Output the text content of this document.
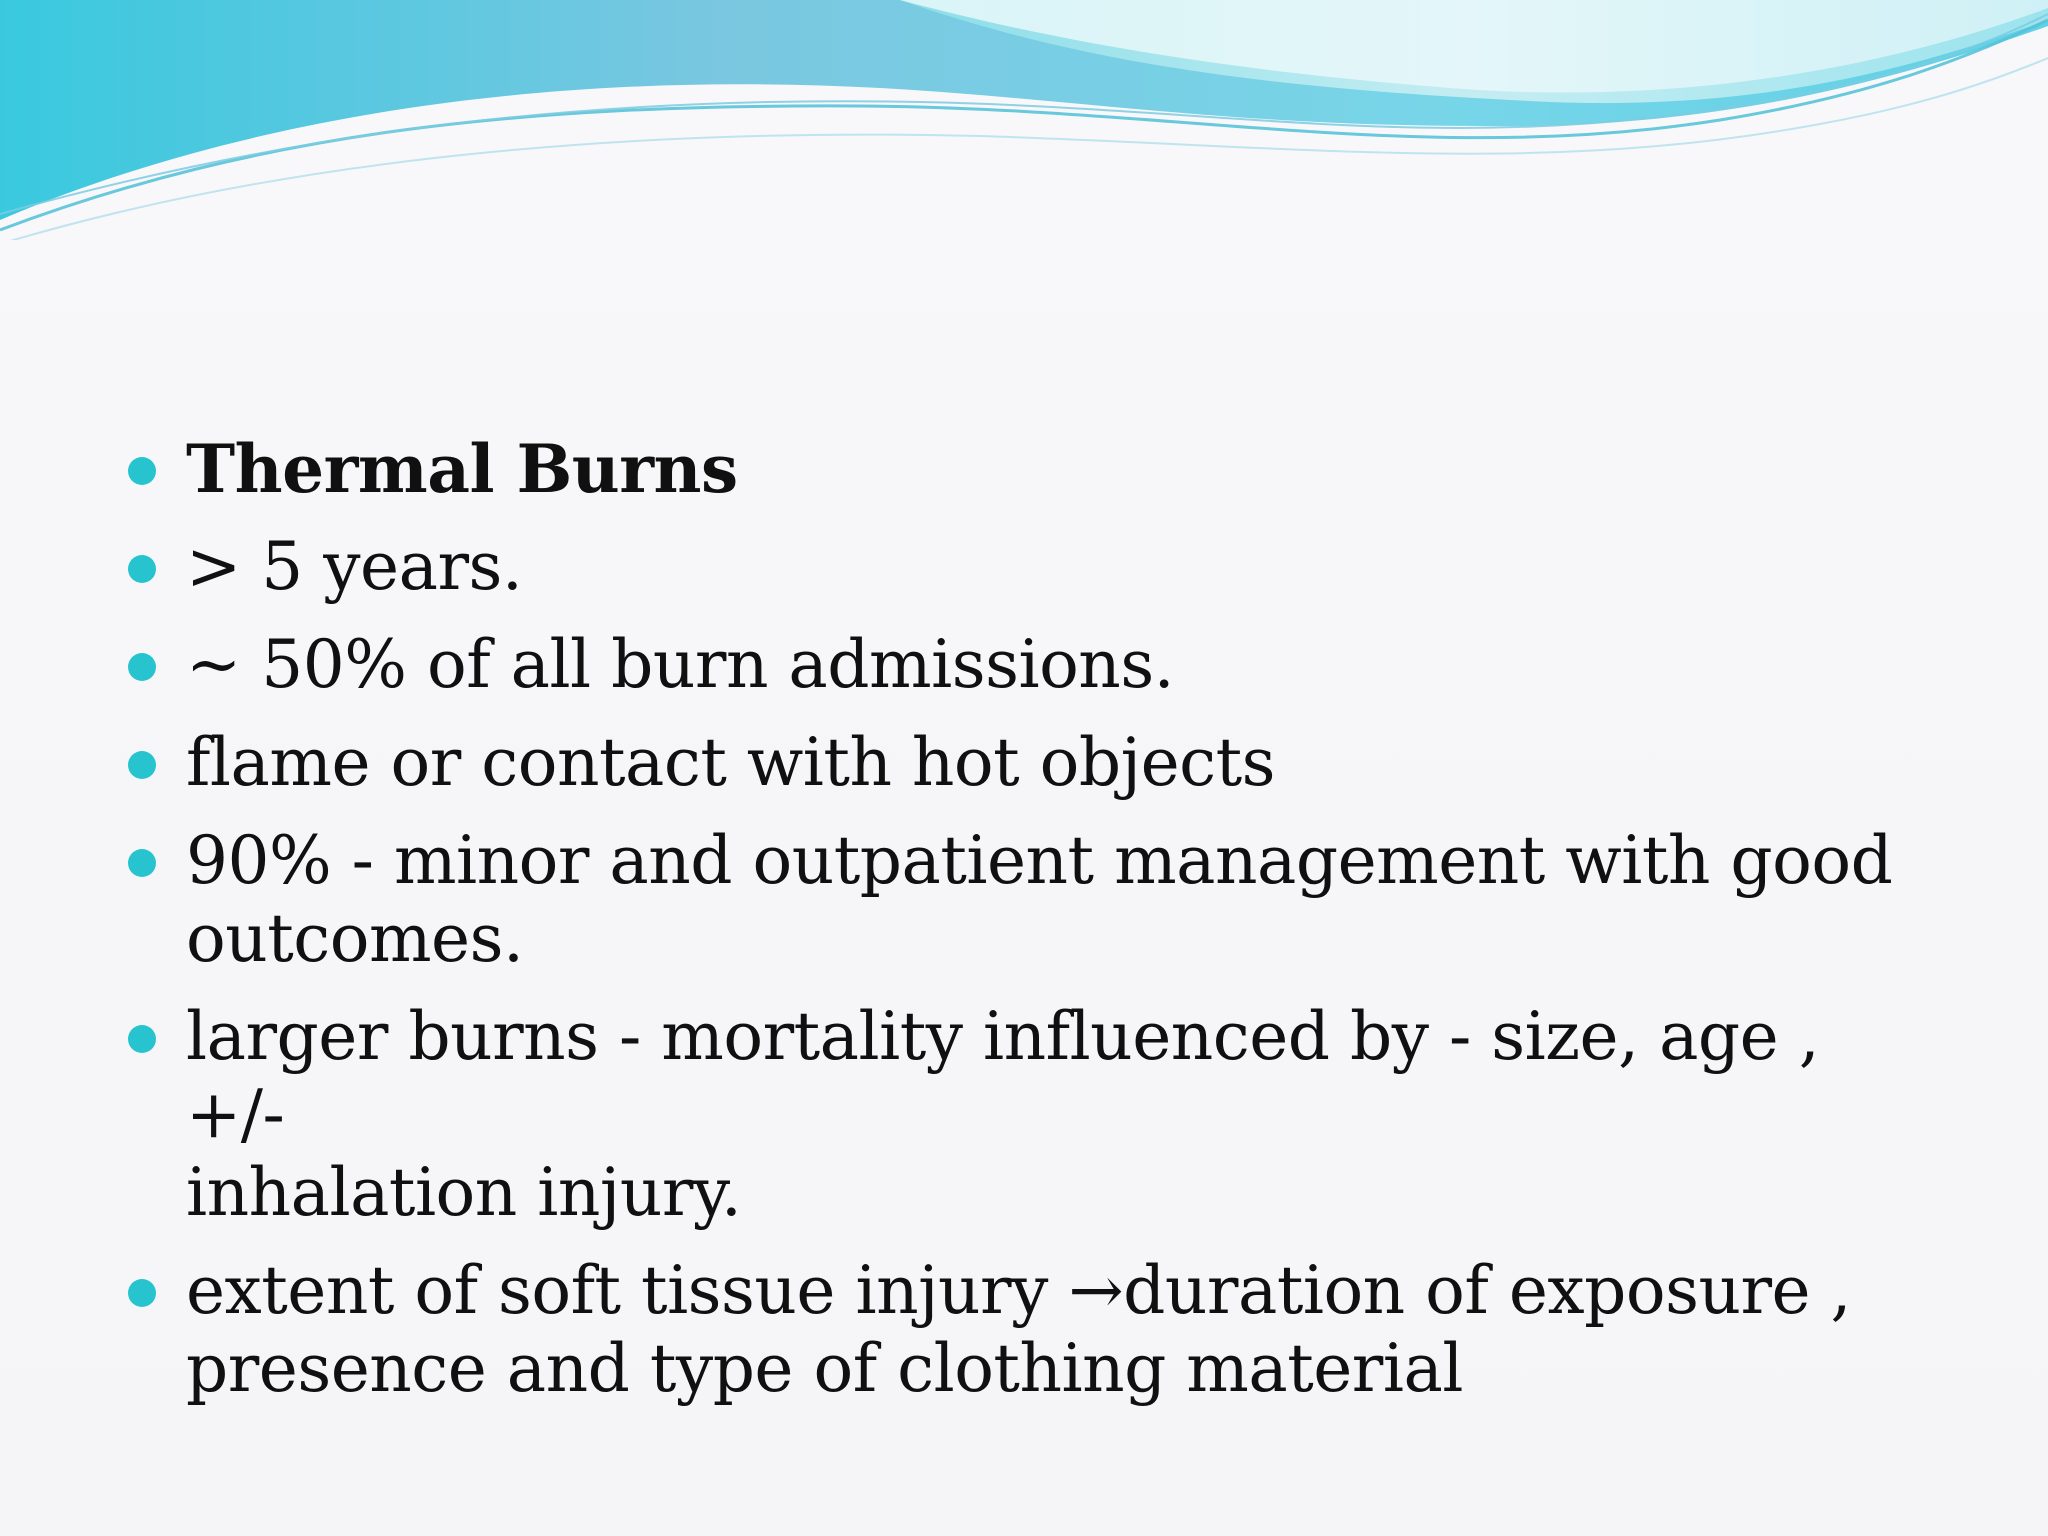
Thermal Burns
> 5 years.
~ 50% of all burn admissions.
flame or contact with hot objects
90% - minor and outpatient management with good
outcomes.
larger burns - mortality influenced by - size, age , +/-
inhalation injury.
extent of soft tissue injury →duration of exposure ,
presence and type of clothing material
